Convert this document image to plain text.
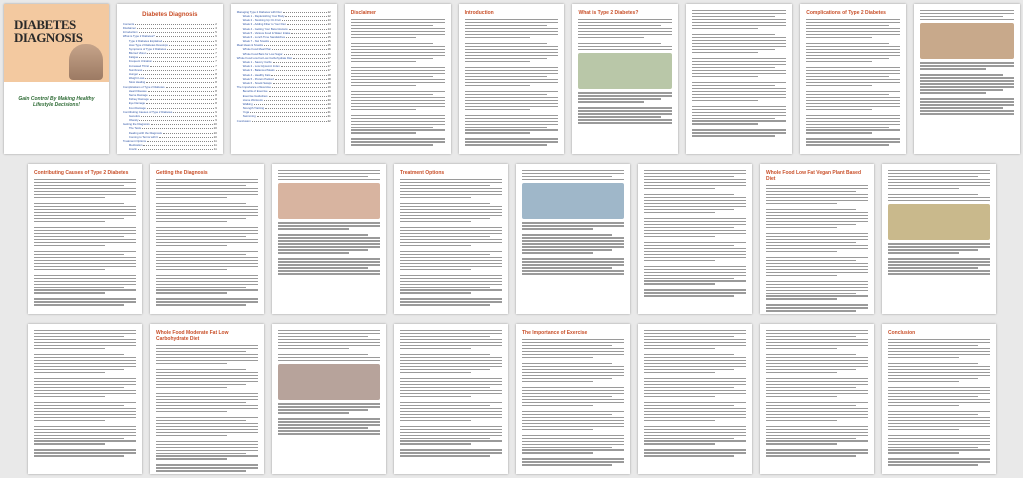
DIABETES
DIAGNOSIS
Gain Control By Making Healthy Lifestyle Decisions!
Diabetes Diagnosis
Contents	2
Disclaimer	4
Introduction	5
What is Type 2 Diabetes?	6
Type 2 Diabetes Explained	6
How Type 2 Diabetes Develops	6
Symptoms of Type 2 Diabetes	7
Blurred Vision	7
Fatigue	7
Frequent Urination	7
Increased Thirst	7
Numbness	7
Hunger	8
Weight Loss	8
Slow Healing	8
Complications of Type 2 Diabetes	8
Heart Disease	8
Nerve Damage	8
Kidney Damage	8
Eye Damage	8
Foot Damage	9
Contributing Causes of Type 2 Diabetes	9
Genetics	9
Obesity	9
Getting the Diagnosis	10
The Tests	10
Dealing with the Diagnosis	10
Coming to Terms with It	10
Treatment Options	11
Medication	11
Insulin	11
Managing Type 2 Diabetes with Diet	12
Week 1 - Replenishing Your Body	12
Week 2 - Stocking Up On Fruit	13
Week 3 - Adding Fiber to Your Diet	13
Week 4 - Getting Your Beta Glucans	14
Week 5 - Various Food & Water Intake	14
Week 6 - Lunch Time Sandwiches	15
Week 7 - Nut Snacks	15
Meal Ideas & Snacks	15
Whole Food Meal Plan	16
Whole Food Bars for Low Sugar	16
Whole Food Low Fat Low Carbohydrate Diet	17
Week 1 - Savory Carbs	17
Week 2 - Low Glycemic Index	17
Week 3 - Balanced Meals	17
Week 4 - Healthy Fats	18
Week 5 - Protein Packed	18
Week 6 - Snack Swaps	18
The Importance of Exercise	19
Benefits of Exercise	19
Exercise Guidelines	19
Home Workouts	20
Walking	20
Strength Training	20
Yoga	21
Swimming	21
Conclusion	22
Disclaimer	Introduction	What is Type 2 Diabetes?	Complications of Type 2 Diabetes
Contributing Causes of Type 2 Diabetes	Getting the Diagnosis	Treatment Options	Whole Food Low Fat Vegan Plant Based Diet
Whole Food Moderate Fat Low Carbohydrate Diet
The Importance of Exercise	Conclusion
